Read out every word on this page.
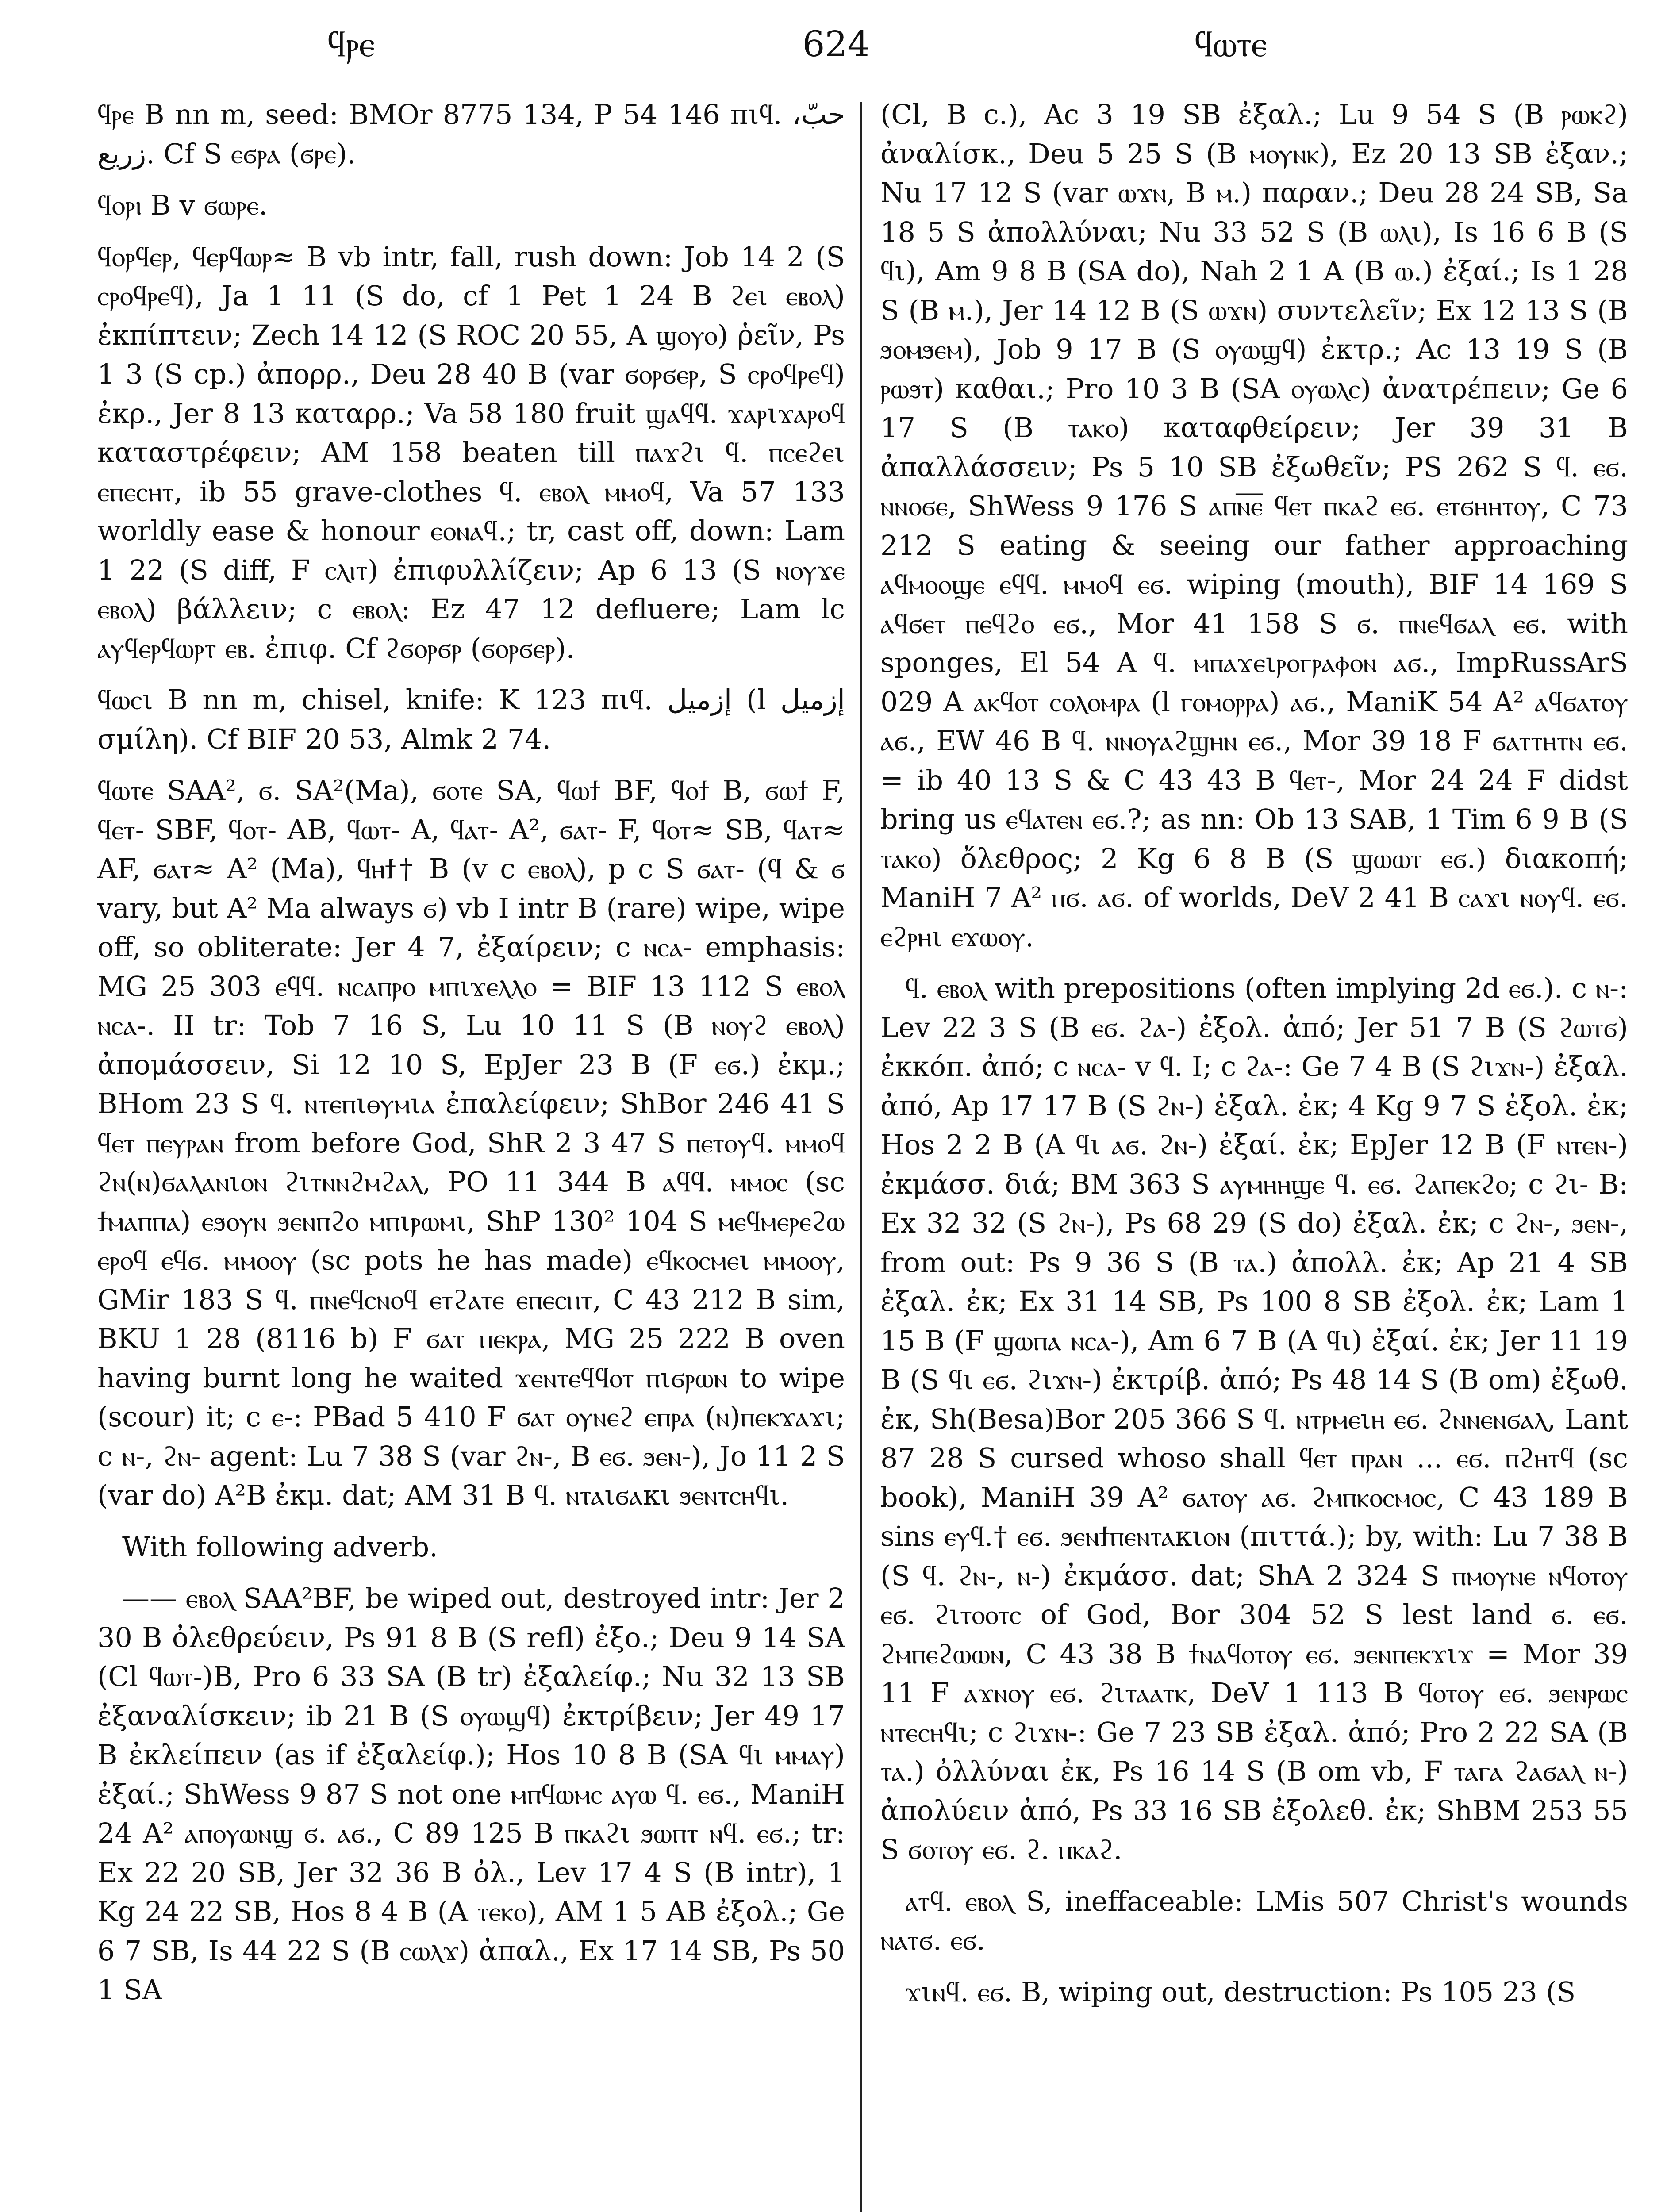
ϥⲣⲉ	624	ϥⲱⲧⲉ

ϥⲣⲉ B nn m, seed: BMOr 8775 134, P 54 146 πιϥ. حبّ، زريع. Cf S ⲉϭⲣⲁ (ϭⲣⲉ).

ϥⲟⲣⲓ B v ϭⲱⲣⲉ.

ϥⲟⲣϥⲉⲣ, ϥⲉⲣϥⲱⲣ≈ B vb intr, fall, rush down: Job 14 2 (S ⲥⲣⲟϥⲣⲉϥ), Ja 1 11 (S do, cf 1 Pet 1 24 B ϩⲉι ⲉⲃⲟⲗ) ἐκπίπτειν; Zech 14 12 (S ROC 20 55, A ϣⲟⲩⲟ) ῥεῖν, Ps 1 3 (S cp.) ἀπορρ., Deu 28 40 B (var ϭⲟⲣϭⲉⲣ, S ⲥⲣⲟϥⲣⲉϥ) ἐκρ., Jer 8 13 καταρρ.; Va 58 180 fruit ϣⲁϥϥ. ϫⲁⲣιϫⲁⲣⲟϥ καταστρέφειν; AM 158 beaten till ⲡⲁϫϩι ϥ. ⲡⲥⲉϩⲉι ⲉⲡⲉⲥⲏⲧ, ib 55 grave-clothes ϥ. ⲉⲃⲟⲗ ⲙⲙⲟϥ, Va 57 133 worldly ease & honour ⲉⲟⲛⲁϥ.; tr, cast off, down: Lam 1 22 (S diff, F ⲥⲗⲓⲧ) ἐπιφυλλίζειν; Ap 6 13 (S ⲛⲟⲩϫⲉ ⲉⲃⲟⲗ) βάλλειν; c ⲉⲃⲟⲗ: Ez 47 12 defluere; Lam lc ⲁⲩϥⲉⲣϥⲱⲣⲧ ⲉⲃ. ἐπιφ. Cf ϩϭⲟⲣϭⲣ (ϭⲟⲣϭⲉⲣ).

ϥⲱⲥι B nn m, chisel, knife: K 123 πιϥ. إزميل (l إزميل σμίλη). Cf BIF 20 53, Almk 2 74.

ϥⲱⲧⲉ SAA², ϭ. SA²(Ma), ϭⲟⲧⲉ SA, ϥⲱϯ BF, ϥⲟϯ B, ϭⲱϯ F, ϥⲉⲧ- SBF, ϥⲟⲧ- AB, ϥⲱⲧ- A, ϥⲁⲧ- A², ϭⲁⲧ- F, ϥⲟⲧ≈ SB, ϥⲁⲧ≈ AF, ϭⲁⲧ≈ A² (Ma), ϥⲏϯ† B (v c ⲉⲃⲟⲗ), p c S ϭⲁⲧ- (ϥ & ϭ vary, but A² Ma always ϭ) vb I intr B (rare) wipe, wipe off, so obliterate: Jer 4 7, ἐξαίρειν; c ⲛⲥⲁ- emphasis: MG 25 303 ⲉϥϥ. ⲛⲥⲁⲡⲣⲟ ⲙⲡιϫⲉⲗⲗⲟ = BIF 13 112 S ⲉⲃⲟⲗ ⲛⲥⲁ-. II tr: Tob 7 16 S, Lu 10 11 S (B ⲛⲟⲩϩ ⲉⲃⲟⲗ) ἀπομάσσειν, Si 12 10 S, EpJer 23 B (F ⲉϭ.) ἐκμ.; BHom 23 S ϥ. ⲛⲧⲉⲡιⲑⲩⲙιⲁ ἐπαλείφειν; ShBor 246 41 S ϥⲉⲧ ⲡⲉⲩⲣⲁⲛ from before God, ShR 2 3 47 S ⲡⲉⲧⲟⲩϥ. ⲙⲙⲟϥ ϩⲛ(ⲛ)ϭⲁⲗⲁⲛιⲟⲛ ϩιⲧⲛⲛϩⲙϩⲁⲗ, PO 11 344 B ⲁϥϥ. ⲙⲙⲟⲥ (sc ϯⲙⲁⲡⲡⲁ) ⲉϧⲟⲩⲛ ϧⲉⲛⲡϩⲟ ⲙⲡιⲣⲱⲙι, ShP 130² 104 S ⲙⲉϥⲙⲉⲣⲉϩⲱ ⲉⲣⲟϥ ⲉϥϭ. ⲙⲙⲟⲟⲩ (sc pots he has made) ⲉϥⲕⲟⲥⲙⲉι ⲙⲙⲟⲟⲩ, GMir 183 S ϥ. ⲡⲛⲉϥⲥⲛⲟϥ ⲉⲧϩⲁⲧⲉ ⲉⲡⲉⲥⲏⲧ, C 43 212 B sim, BKU 1 28 (8116 b) F ϭⲁⲧ ⲡⲉⲕⲣⲁ, MG 25 222 B oven having burnt long he waited ϫⲉⲛⲧⲉϥϥⲟⲧ ⲡιϭⲣⲱⲛ to wipe (scour) it; c ⲉ-: PBad 5 410 F ϭⲁⲧ ⲟⲩⲛⲉϩ ⲉⲡⲣⲁ (ⲛ)ⲡⲉⲕϫⲁϫι; c ⲛ-, ϩⲛ- agent: Lu 7 38 S (var ϩⲛ-, B ⲉϭ. ϧⲉⲛ-), Jo 11 2 S (var do) A²B ἐκμ. dat; AM 31 B ϥ. ⲛⲧⲁιϭⲁκι ϧⲉⲛⲧⲥⲏϥι.

With following adverb.

—— ⲉⲃⲟⲗ SAA²BF, be wiped out, destroyed intr: Jer 2 30 B ὀλεθρεύειν, Ps 91 8 B (S refl) ἐξο.; Deu 9 14 SA (Cl ϥⲱⲧ-)B, Pro 6 33 SA (B tr) ἐξαλείφ.; Nu 32 13 SB ἐξαναλίσκειν; ib 21 B (S ⲟⲩⲱϣϥ) ἐκτρίβειν; Jer 49 17 B ἐκλείπειν (as if ἐξαλείφ.); Hos 10 8 B (SA ϥι ⲙⲙⲁⲩ) ἐξαί.; ShWess 9 87 S not one ⲙⲡϥⲱⲙⲥ ⲁⲩⲱ ϥ. ⲉϭ., ManiH 24 A² ⲁⲡⲟⲩⲱⲛϣ ϭ. ⲁϭ., C 89 125 B ⲡⲕⲁϩι ϧⲱⲡⲧ ⲛϥ. ⲉϭ.; tr: Ex 22 20 SB, Jer 32 36 B ὀλ., Lev 17 4 S (B intr), 1 Kg 24 22 SB, Hos 8 4 B (A ⲧⲉⲕⲟ), AM 1 5 AB ἐξολ.; Ge 6 7 SB, Is 44 22 S (B ⲥⲱⲗϫ) ἀπαλ., Ex 17 14 SB, Ps 50 1 SA

(Cl, B c.), Ac 3 19 SB ἐξαλ.; Lu 9 54 S (B ⲣⲱⲕϩ) ἀναλίσκ., Deu 5 25 S (B ⲙⲟⲩⲛⲕ), Ez 20 13 SB ἐξαν.; Nu 17 12 S (var ⲱϫⲛ, B ⲙ.) παραν.; Deu 28 24 SB, Sa 18 5 S ἀπολλύναι; Nu 33 52 S (B ⲱⲗι), Is 16 6 B (S ϥι), Am 9 8 B (SA do), Nah 2 1 A (B ⲱ.) ἐξαί.; Is 1 28 S (B ⲙ.), Jer 14 12 B (S ⲱϫⲛ) συντελεῖν; Ex 12 13 S (B ϧⲟⲙϧⲉⲙ), Job 9 17 B (S ⲟⲩⲱϣϥ) ἐκτρ.; Ac 13 19 S (B ⲣⲱϧⲧ) καθαι.; Pro 10 3 B (SA ⲟⲩⲱⲗⲥ) ἀνατρέπειν; Ge 6 17 S (B ⲧⲁⲕⲟ) καταφθείρειν; Jer 39 31 B ἀπαλλάσσειν; Ps 5 10 SB ἐξωθεῖν; PS 262 S ϥ. ⲉϭ. ⲛⲛⲟϭⲉ, ShWess 9 176 S ⲁⲡⲛ̅ⲉ̅ ϥⲉⲧ ⲡⲕⲁϩ ⲉϭ. ⲉⲧϭⲏⲏⲧⲟⲩ, C 73 212 S eating & seeing our father approaching ⲁϥⲙⲟⲟϣⲉ ⲉϥϥ. ⲙⲙⲟϥ ⲉϭ. wiping (mouth), BIF 14 169 S ⲁϥϭⲉⲧ ⲡⲉϥϩⲟ ⲉϭ., Mor 41 158 S ϭ. ⲡⲛⲉϥϭⲁⲗ ⲉϭ. with sponges, El 54 A ϥ. ⲙⲡⲁϫⲉιⲣⲟⲅⲣⲁⲫⲟⲛ ⲁϭ., ImpRussArS 029 A ⲁⲕϥⲟⲧ ⲥⲟⲗⲟⲙⲣⲁ (l ⲅⲟⲙⲟⲣⲣⲁ) ⲁϭ., ManiK 54 A² ⲁϥϭⲁⲧⲟⲩ ⲁϭ., EW 46 B ϥ. ⲛⲛⲟⲩⲁϩϣⲏⲛ ⲉϭ., Mor 39 18 F ϭⲁⲧⲧⲏⲧⲛ ⲉϭ. = ib 40 13 S & C 43 43 B ϥⲉⲧ-, Mor 24 24 F didst bring us ⲉϥⲁⲧⲉⲛ ⲉϭ.?; as nn: Ob 13 SAB, 1 Tim 6 9 B (S ⲧⲁⲕⲟ) ὄλεθρος; 2 Kg 6 8 B (S ϣⲱⲱⲧ ⲉϭ.) διακοπή; ManiH 7 A² ⲡϭ. ⲁϭ. of worlds, DeV 2 41 B ⲥⲁϫι ⲛⲟⲩϥ. ⲉϭ. ⲉϩⲣⲏι ⲉϫⲱⲟⲩ.

ϥ. ⲉⲃⲟⲗ with prepositions (often implying 2d ⲉϭ.). c ⲛ-: Lev 22 3 S (B ⲉϭ. ϩⲁ-) ἐξολ. ἀπό; Jer 51 7 B (S ϩⲱⲧϭ) ἐκκόπ. ἀπό; c ⲛⲥⲁ- v ϥ. I; c ϩⲁ-: Ge 7 4 B (S ϩιϫⲛ-) ἐξαλ. ἀπό, Ap 17 17 B (S ϩⲛ-) ἐξαλ. ἐκ; 4 Kg 9 7 S ἐξολ. ἐκ; Hos 2 2 B (A ϥι ⲁϭ. ϩⲛ-) ἐξαί. ἐκ; EpJer 12 B (F ⲛⲧⲉⲛ-) ἐκμάσσ. διά; BM 363 S ⲁⲩⲙⲏⲏϣⲉ ϥ. ⲉϭ. ϩⲁⲡⲉⲕϩⲟ; c ϩι- B: Ex 32 32 (S ϩⲛ-), Ps 68 29 (S do) ἐξαλ. ἐκ; c ϩⲛ-, ϧⲉⲛ-, from out: Ps 9 36 S (B ⲧⲁ.) ἀπολλ. ἐκ; Ap 21 4 SB ἐξαλ. ἐκ; Ex 31 14 SB, Ps 100 8 SB ἐξολ. ἐκ; Lam 1 15 B (F ϣⲱⲡⲁ ⲛⲥⲁ-), Am 6 7 B (A ϥι) ἐξαί. ἐκ; Jer 11 19 B (S ϥι ⲉϭ. ϩιϫⲛ-) ἐκτρίβ. ἀπό; Ps 48 14 S (B om) ἐξωθ. ἐκ, Sh(Besa)Bor 205 366 S ϥ. ⲛⲧⲣⲙⲉιⲏ ⲉϭ. ϩⲛⲛⲉⲛϭⲁⲗ, Lant 87 28 S cursed whoso shall ϥⲉⲧ ⲡⲣⲁⲛ ... ⲉϭ. ⲡϩⲏⲧϥ (sc book), ManiH 39 A² ϭⲁⲧⲟⲩ ⲁϭ. ϩⲙⲡⲕⲟⲥⲙⲟⲥ, C 43 189 B sins ⲉⲩϥ.† ⲉϭ. ϧⲉⲛϯⲡⲉⲛⲧⲁκιⲟⲛ (πιττά.); by, with: Lu 7 38 B (S ϥ. ϩⲛ-, ⲛ-) ἐκμάσσ. dat; ShA 2 324 S ⲡⲙⲟⲩⲛⲉ ⲛϥⲟⲧⲟⲩ ⲉϭ. ϩιⲧⲟⲟⲧⲥ of God, Bor 304 52 S lest land ϭ. ⲉϭ. ϩⲙⲡⲉϩⲱⲱⲛ, C 43 38 B ϯⲛⲁϥⲟⲧⲟⲩ ⲉϭ. ϧⲉⲛⲡⲉⲕϫιϫ = Mor 39 11 F ⲁϫⲛⲟⲩ ⲉϭ. ϩιⲧⲁⲁⲧⲕ, DeV 1 113 B ϥⲟⲧⲟⲩ ⲉϭ. ϧⲉⲛⲣⲱⲥ ⲛⲧⲉⲥⲏϥι; c ϩιϫⲛ-: Ge 7 23 SB ἐξαλ. ἀπό; Pro 2 22 SA (B ⲧⲁ.) ὀλλύναι ἐκ, Ps 16 14 S (B om vb, F ⲧⲁⲅⲁ ϩⲁϭⲁⲗ ⲛ-) ἀπολύειν ἀπό, Ps 33 16 SB ἐξολεθ. ἐκ; ShBM 253 55 S ϭⲟⲧⲟⲩ ⲉϭ. ϩ. ⲡⲕⲁϩ.

ⲁⲧϥ. ⲉⲃⲟⲗ S, ineffaceable: LMis 507 Christ's wounds ⲛⲁⲧϭ. ⲉϭ.

ϫιⲛϥ. ⲉϭ. B, wiping out, destruction: Ps 105 23 (S
